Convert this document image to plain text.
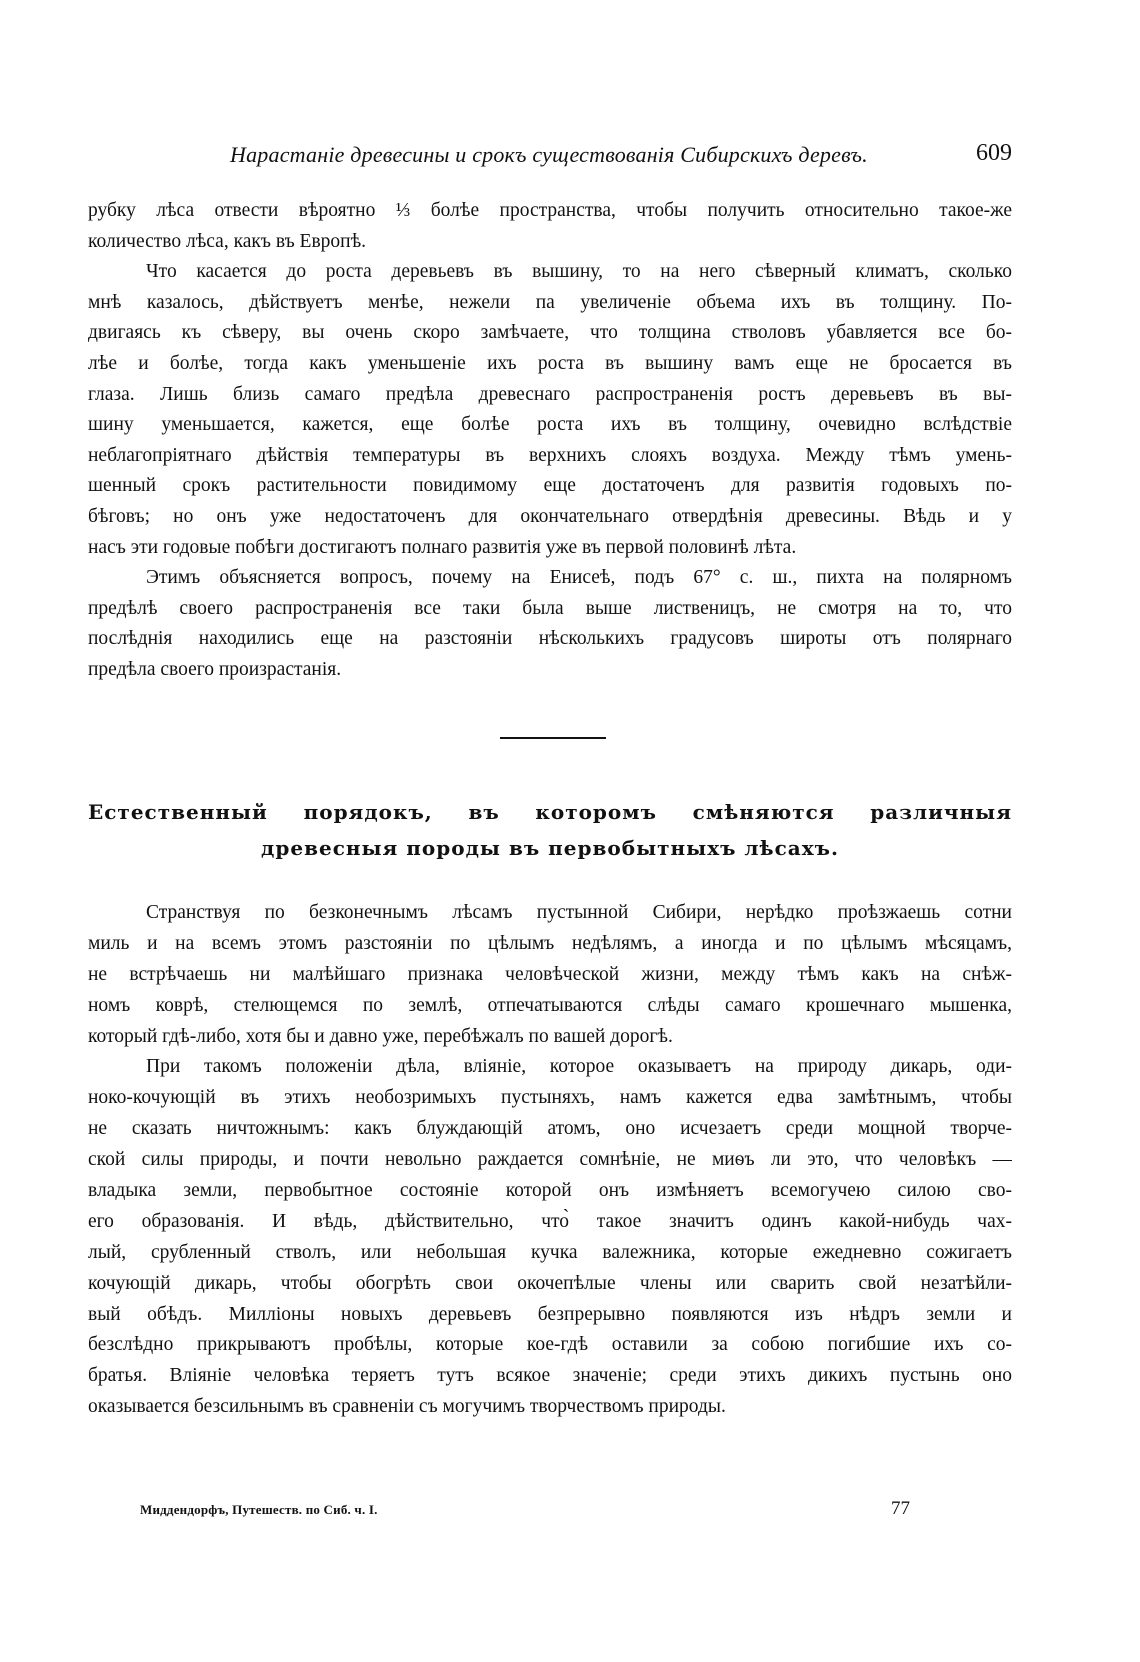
Нарастаніе древесины и срокъ существованія Сибирскихъ деревъ.	609
рубку лѣса отвести вѣроятно ⅓ болѣе пространства, чтобы получить относительно такое-же
количество лѣса, какъ въ Европѣ.
Что касается до роста деревьевъ въ вышину, то на него сѣверный климатъ, сколько
мнѣ казалось, дѣйствуетъ менѣе, нежели па увеличеніе объема ихъ въ толщину. По-
двигаясь къ сѣверу, вы очень скоро замѣчаете, что толщина стволовъ убавляется все бо-
лѣе и болѣе, тогда какъ уменьшеніе ихъ роста въ вышину вамъ еще не бросается въ
глаза. Лишь близь самаго предѣла древеснаго распространенія ростъ деревьевъ въ вы-
шину уменьшается, кажется, еще болѣе роста ихъ въ толщину, очевидно вслѣдствіе
неблагопріятнаго дѣйствія температуры въ верхнихъ слояхъ воздуха. Между тѣмъ умень-
шенный срокъ растительности повидимому еще достаточенъ для развитія годовыхъ по-
бѣговъ; но онъ уже недостаточенъ для окончательнаго отвердѣнія древесины. Вѣдь и у
насъ эти годовые побѣги достигаютъ полнаго развитія уже въ первой половинѣ лѣта.
Этимъ объясняется вопросъ, почему на Енисеѣ, подъ 67° с. ш., пихта на полярномъ
предѣлѣ своего распространенія все таки была выше лиственицъ, не смотря на то, что
послѣднія находились еще на разстояніи нѣсколькихъ градусовъ широты отъ полярнаго
предѣла своего произрастанія.
Естественный порядокъ, въ которомъ смѣняются различныя
древесныя породы въ первобытныхъ лѣсахъ.
Странствуя по безконечнымъ лѣсамъ пустынной Сибири, нерѣдко проѣзжаешь сотни
миль и на всемъ этомъ разстояніи по цѣлымъ недѣлямъ, а иногда и по цѣлымъ мѣсяцамъ,
не встрѣчаешь ни малѣйшаго признака человѣческой жизни, между тѣмъ какъ на снѣж-
номъ коврѣ, стелющемся по землѣ, отпечатываются слѣды самаго крошечнаго мышенка,
который гдѣ-либо, хотя бы и давно уже, перебѣжалъ по вашей дорогѣ.
При такомъ положеніи дѣла, вліяніе, которое оказываетъ на природу дикарь, оди-
ноко-кочующій въ этихъ необозримыхъ пустыняхъ, намъ кажется едва замѣтнымъ, чтобы
не сказать ничтожнымъ: какъ блуждающій атомъ, оно исчезаетъ среди мощной творче-
ской силы природы, и почти невольно раждается сомнѣніе, не миѳъ ли это, что человѣкъ —
владыка земли, первобытное состояніе которой онъ измѣняетъ всемогучею силою сво-
его образованія. И вѣдь, дѣйствительно, что̀ такое значитъ одинъ какой-нибудь чах-
лый, срубленный стволъ, или небольшая кучка валежника, которые ежедневно сожигаетъ
кочующій дикарь, чтобы обогрѣть свои окочепѣлые члены или сварить свой незатѣйли-
вый обѣдъ. Милліоны новыхъ деревьевъ безпрерывно появляются изъ нѣдръ земли и
безслѣдно прикрываютъ пробѣлы, которые кое-гдѣ оставили за собою погибшие ихъ со-
братья. Вліяніе человѣка теряетъ тутъ всякое значеніе; среди этихъ дикихъ пустынь оно
оказывается безсильнымъ въ сравненіи съ могучимъ творчествомъ природы.
Миддендорфъ, Путешеств. по Сиб. ч. I.	77
